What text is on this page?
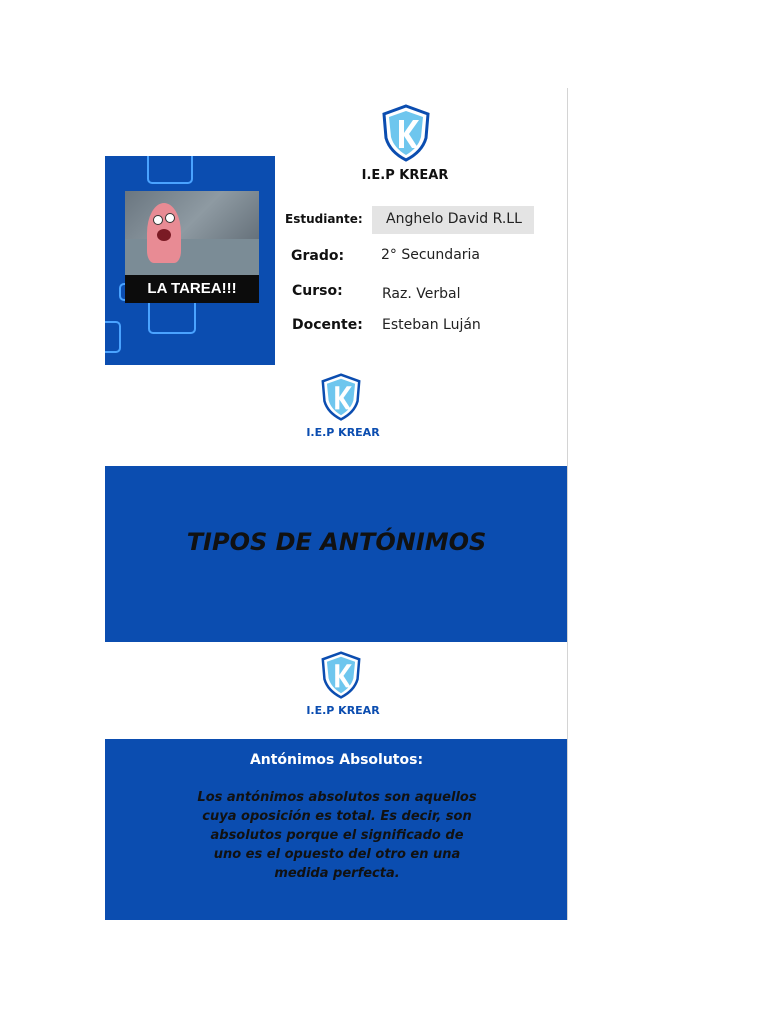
LA TAREA!!!
I.E.P KREAR
Estudiante: Anghelo David R.LL
Grado:	2° Secundaria
Curso:	Raz. Verbal
Docente: Esteban Luján
I.E.P KREAR
TIPOS DE ANTÓNIMOS
I.E.P KREAR
Antónimos Absolutos:
Los antónimos absolutos son aquellos cuya oposición es total. Es decir, son absolutos porque el significado de uno es el opuesto del otro en una medida perfecta.
